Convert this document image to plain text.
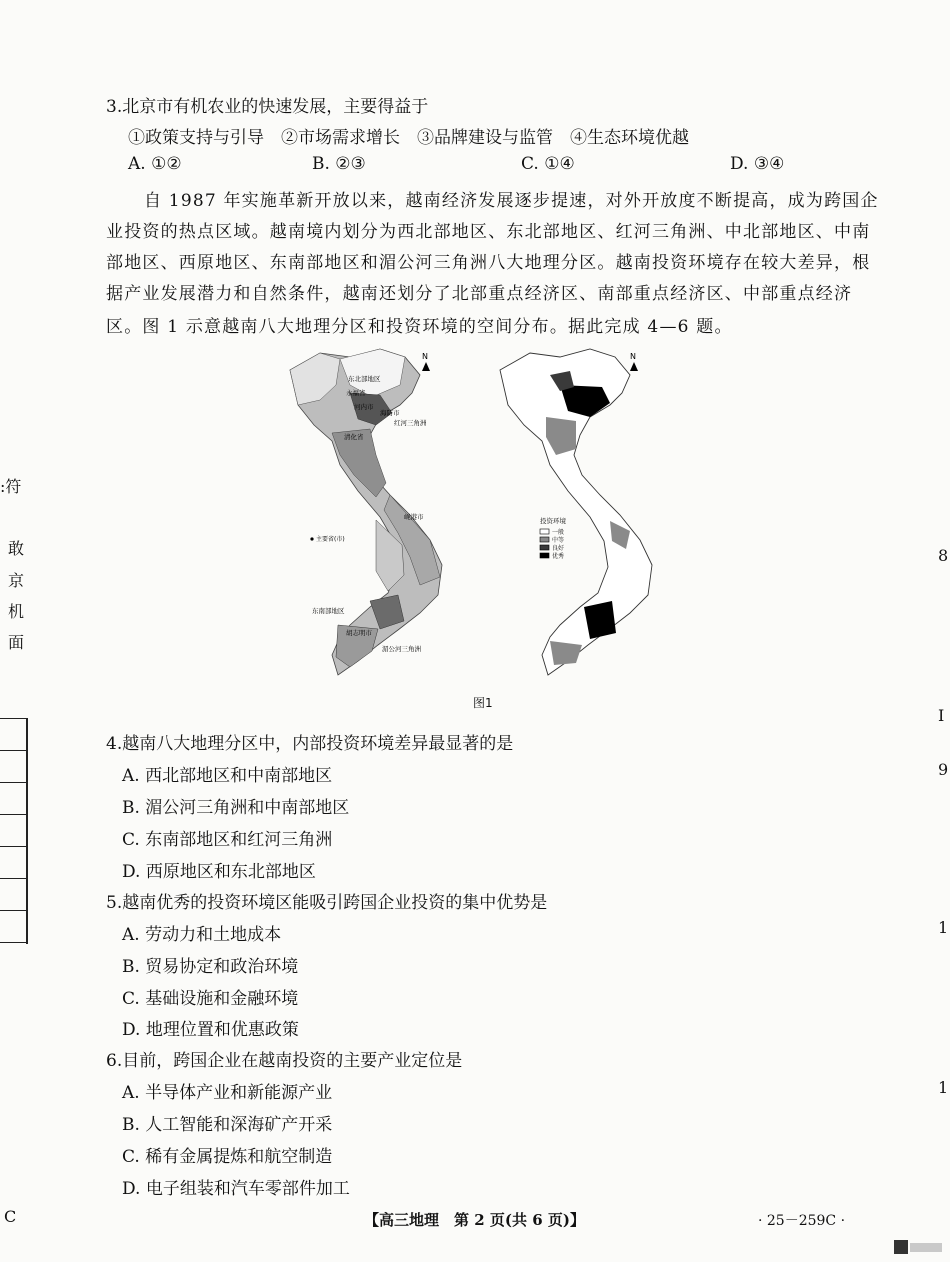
3.北京市有机农业的快速发展，主要得益于
①政策支持与引导　②市场需求增长　③品牌建设与监管　④生态环境优越
A. ①②	B. ②③	C. ①④	D. ③④
自 1987 年实施革新开放以来，越南经济发展逐步提速，对外开放度不断提高，成为跨国企
业投资的热点区域。越南境内划分为西北部地区、东北部地区、红河三角洲、中北部地区、中南
部地区、西原地区、东南部地区和湄公河三角洲八大地理分区。越南投资环境存在较大差异，根
据产业发展潜力和自然条件，越南还划分了北部重点经济区、南部重点经济区、中部重点经济
区。图 1 示意越南八大地理分区和投资环境的空间分布。据此完成 4—6 题。
N
东北部地区
永福省
河内市
海防市
红河三角洲
清化省
岘港市
东南部地区
胡志明市
湄公河三角洲
主要省(市)
N
投资环境
一般
中等
良好
优秀
图1
4.越南八大地理分区中，内部投资环境差异最显著的是
A. 西北部地区和中南部地区
B. 湄公河三角洲和中南部地区
C. 东南部地区和红河三角洲
D. 西原地区和东北部地区
5.越南优秀的投资环境区能吸引跨国企业投资的集中优势是
A. 劳动力和土地成本
B. 贸易协定和政治环境
C. 基础设施和金融环境
D. 地理位置和优惠政策
6.目前，跨国企业在越南投资的主要产业定位是
A. 半导体产业和新能源产业
B. 人工智能和深海矿产开采
C. 稀有金属提炼和航空制造
D. 电子组装和汽车零部件加工
C	【高三地理　第 2 页(共 6 页)】	· 25－259C ·
:符
敢
京
机
面
8
I
9
1
1
